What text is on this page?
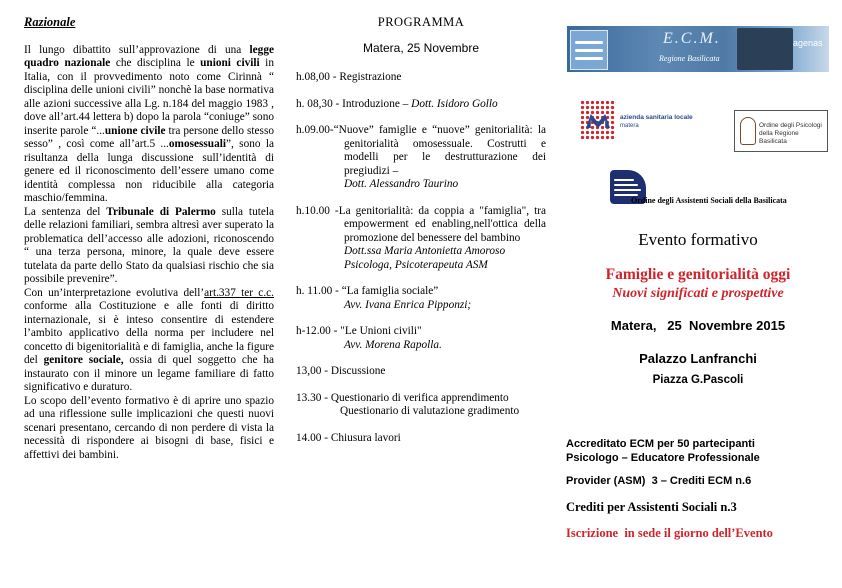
Razionale

Il lungo dibattito sull’approvazione di una legge quadro nazionale che disciplina le unioni civili in Italia, con il provvedimento noto come Cirinnà “ disciplina delle unioni civili” nonchè la base normativa alle azioni successive alla Lg. n.184 del maggio 1983 , dove all’art.44 lettera b) dopo la parola “coniuge” sono inserite parole “...unione civile tra persone dello stesso sesso” , così come all’art.5 ...omosessuali”, sono la risultanza della lunga discussione sull’identità di genere ed il riconoscimento dell’essere umano come identità complessa non riducibile alla categoria maschio/femmina.

La sentenza del Tribunale di Palermo sulla tutela delle relazioni familiari, sembra altresì aver superato la problematica dell’accesso alle adozioni, riconoscendo “ una terza persona, minore, la quale deve essere tutelata da parte dello Stato da qualsiasi rischio che sia possibile prevenire”.

Con un’interpretazione evolutiva dell’art.337 ter c.c. conforme alla Costituzione e alle fonti di diritto internazionale, si è inteso consentire di estendere l’ambito applicativo della norma per includere nel concetto di bigenitorialità e di famiglia, anche la figure del genitore sociale, ossia di quel soggetto che ha instaurato con il minore un legame familiare di fatto significativo e duraturo.

Lo scopo dell’evento formativo è di aprire uno spazio ad una riflessione sulle implicazioni che questi nuovi scenari presentano, cercando di non perdere di vista la necessità di rispondere ai bisogni di base, fisici e affettivi dei bambini.

PROGRAMMA
Matera, 25 Novembre
h.08,00 - Registrazione
h. 08,30 - Introduzione – Dott. Isidoro Gollo
h.09.00-“Nuove” famiglie e “nuove” genitorialità: la genitorialità omosessuale. Costrutti e modelli per le destrutturazione dei pregiudizi –
Dott. Alessandro Taurino
h.10.00 -La genitorialità: da coppia a "famiglia", tra empowerment ed enabling,nell'ottica della promozione del benessere del bambino
Dott.ssa Maria Antonietta Amoroso
Psicologa, Psicoterapeuta ASM
h. 11.00 - “La famiglia sociale”
Avv. Ivana Enrica Pipponzi;
h-12.00 - "Le Unioni civili"
Avv. Morena Rapolla.
13,00 - Discussione
13.30 - Questionario di verifica apprendimento
Questionario di valutazione gradimento
14.00 - Chiusura lavori
E.C.M.
Regione Basilicata
agenas
azienda sanitaria locale
matera	Ordine degli Psicologi
della Regione Basilicata
Ordine degli Assistenti Sociali della Basilicata
Evento formativo
Famiglie e genitorialità oggi
Nuovi significati e prospettive
Matera,   25  Novembre 2015
Palazzo Lanfranchi
Piazza G.Pascoli
Accreditato ECM per 50 partecipanti
Psicologo – Educatore Professionale
Provider (ASM)  3 – Crediti ECM n.6
Crediti per Assistenti Sociali n.3
Iscrizione  in sede il giorno dell’Evento
